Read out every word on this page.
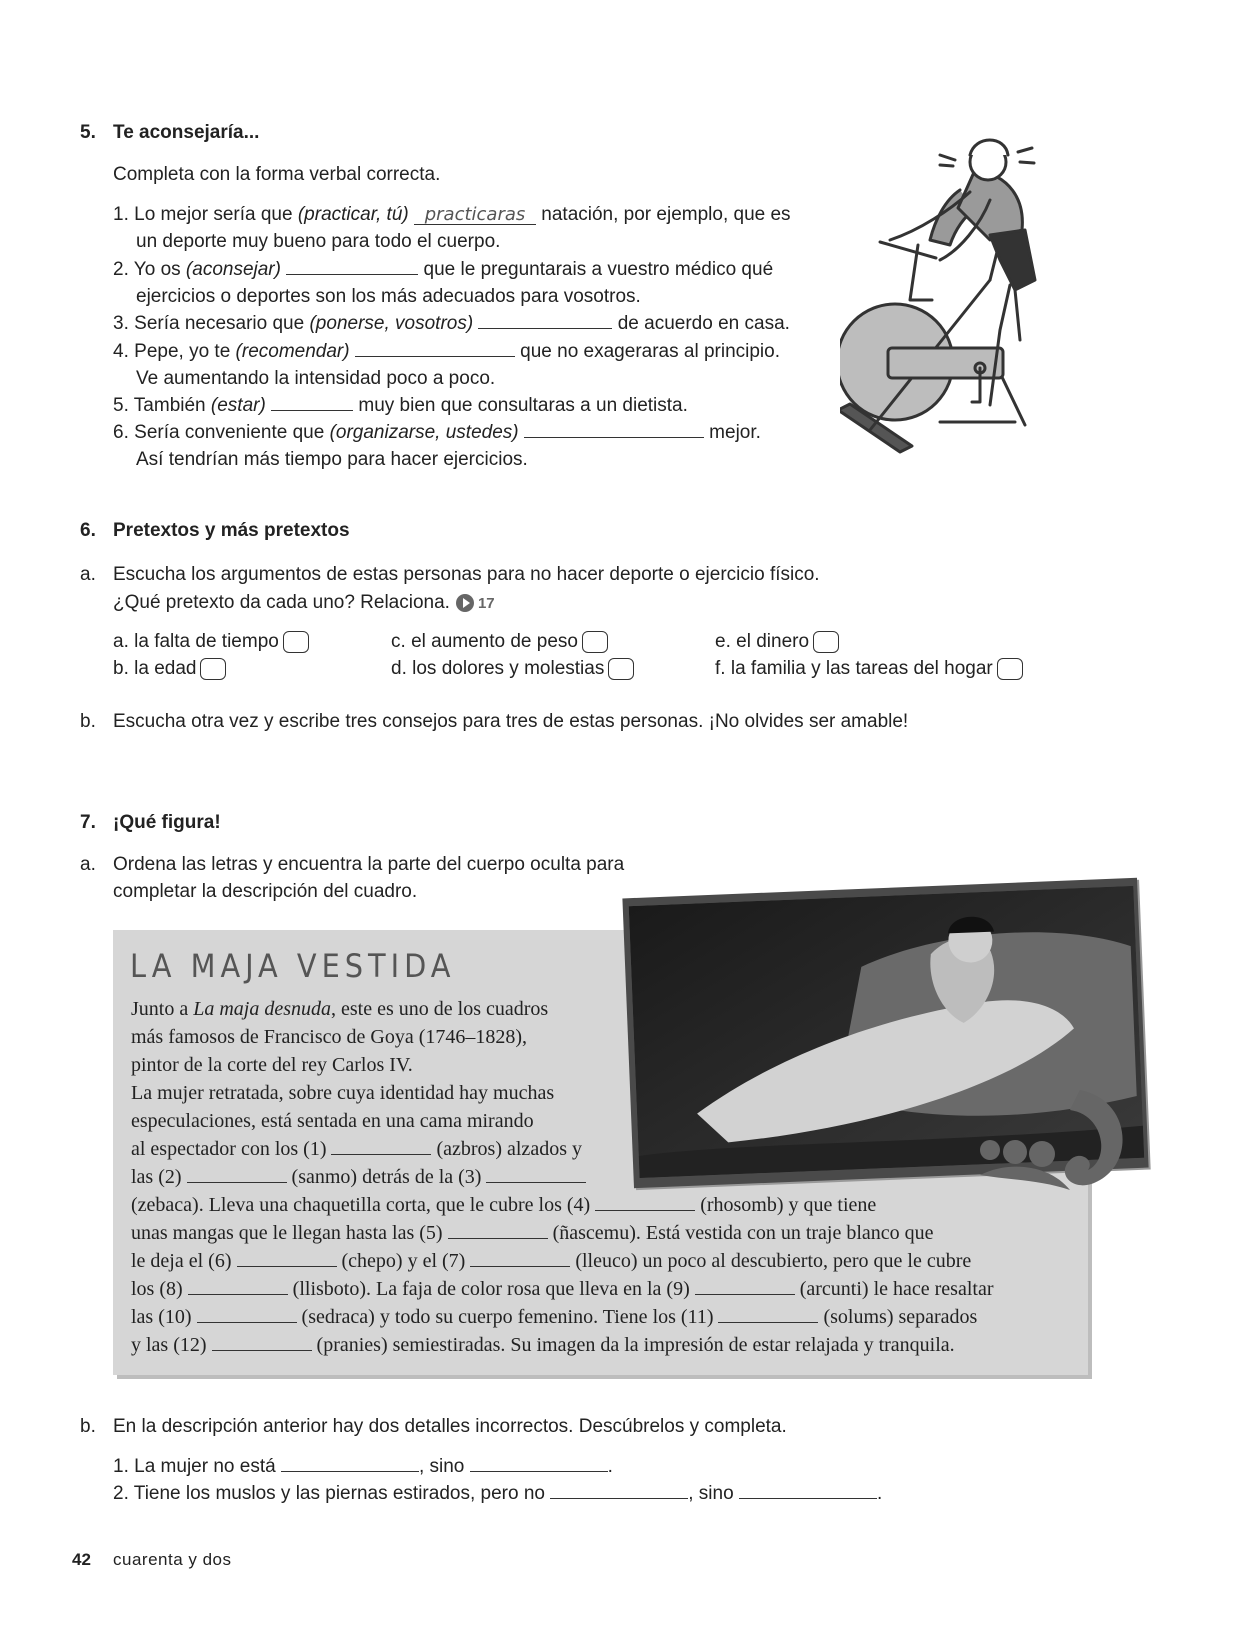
5. Te aconsejaría...
Completa con la forma verbal correcta.
1. Lo mejor sería que (practicar, tú) practicaras natación, por ejemplo, que es
un deporte muy bueno para todo el cuerpo.
2. Yo os (aconsejar)	que le preguntarais a vuestro médico qué
ejercicios o deportes son los más adecuados para vosotros.
3. Sería necesario que (ponerse, vosotros)	de acuerdo en casa.
4. Pepe, yo te (recomendar)	que no exageraras al principio.
Ve aumentando la intensidad poco a poco.
5. También (estar)	muy bien que consultaras a un dietista.
6. Sería conveniente que (organizarse, ustedes)	mejor.
Así tendrían más tiempo para hacer ejercicios.
6. Pretextos y más pretextos
a. Escucha los argumentos de estas personas para no hacer deporte o ejercicio físico.
¿Qué pretexto da cada uno? Relaciona. 17
a. la falta de tiempo
b. la edad
c. el aumento de peso
d. los dolores y molestias
e. el dinero
f. la familia y las tareas del hogar
b. Escucha otra vez y escribe tres consejos para tres de estas personas. ¡No olvides ser amable!
7. ¡Qué figura!
a. Ordena las letras y encuentra la parte del cuerpo oculta para
completar la descripción del cuadro.
LA MAJA VESTIDA
Junto a La maja desnuda, este es uno de los cuadros
más famosos de Francisco de Goya (1746–1828),
pintor de la corte del rey Carlos IV.
La mujer retratada, sobre cuya identidad hay muchas
especulaciones, está sentada en una cama mirando
al espectador con los (1)	(azbros) alzados y
las (2)	(sanmo) detrás de la (3)
(zebaca). Lleva una chaquetilla corta, que le cubre los (4)	(rhosomb) y que tiene
unas mangas que le llegan hasta las (5)	(ñascemu). Está vestida con un traje blanco que
le deja el (6)	(chepo) y el (7)	(lleuco) un poco al descubierto, pero que le cubre
los (8)	(llisboto). La faja de color rosa que lleva en la (9)	(arcunti) le hace resaltar
las (10)	(sedraca) y todo su cuerpo femenino. Tiene los (11)	(solums) separados
y las (12)	(pranies) semiestiradas. Su imagen da la impresión de estar relajada y tranquila.
b. En la descripción anterior hay dos detalles incorrectos. Descúbrelos y completa.
1. La mujer no está	, sino	.
2. Tiene los muslos y las piernas estirados, pero no	, sino	.
42 cuarenta y dos
